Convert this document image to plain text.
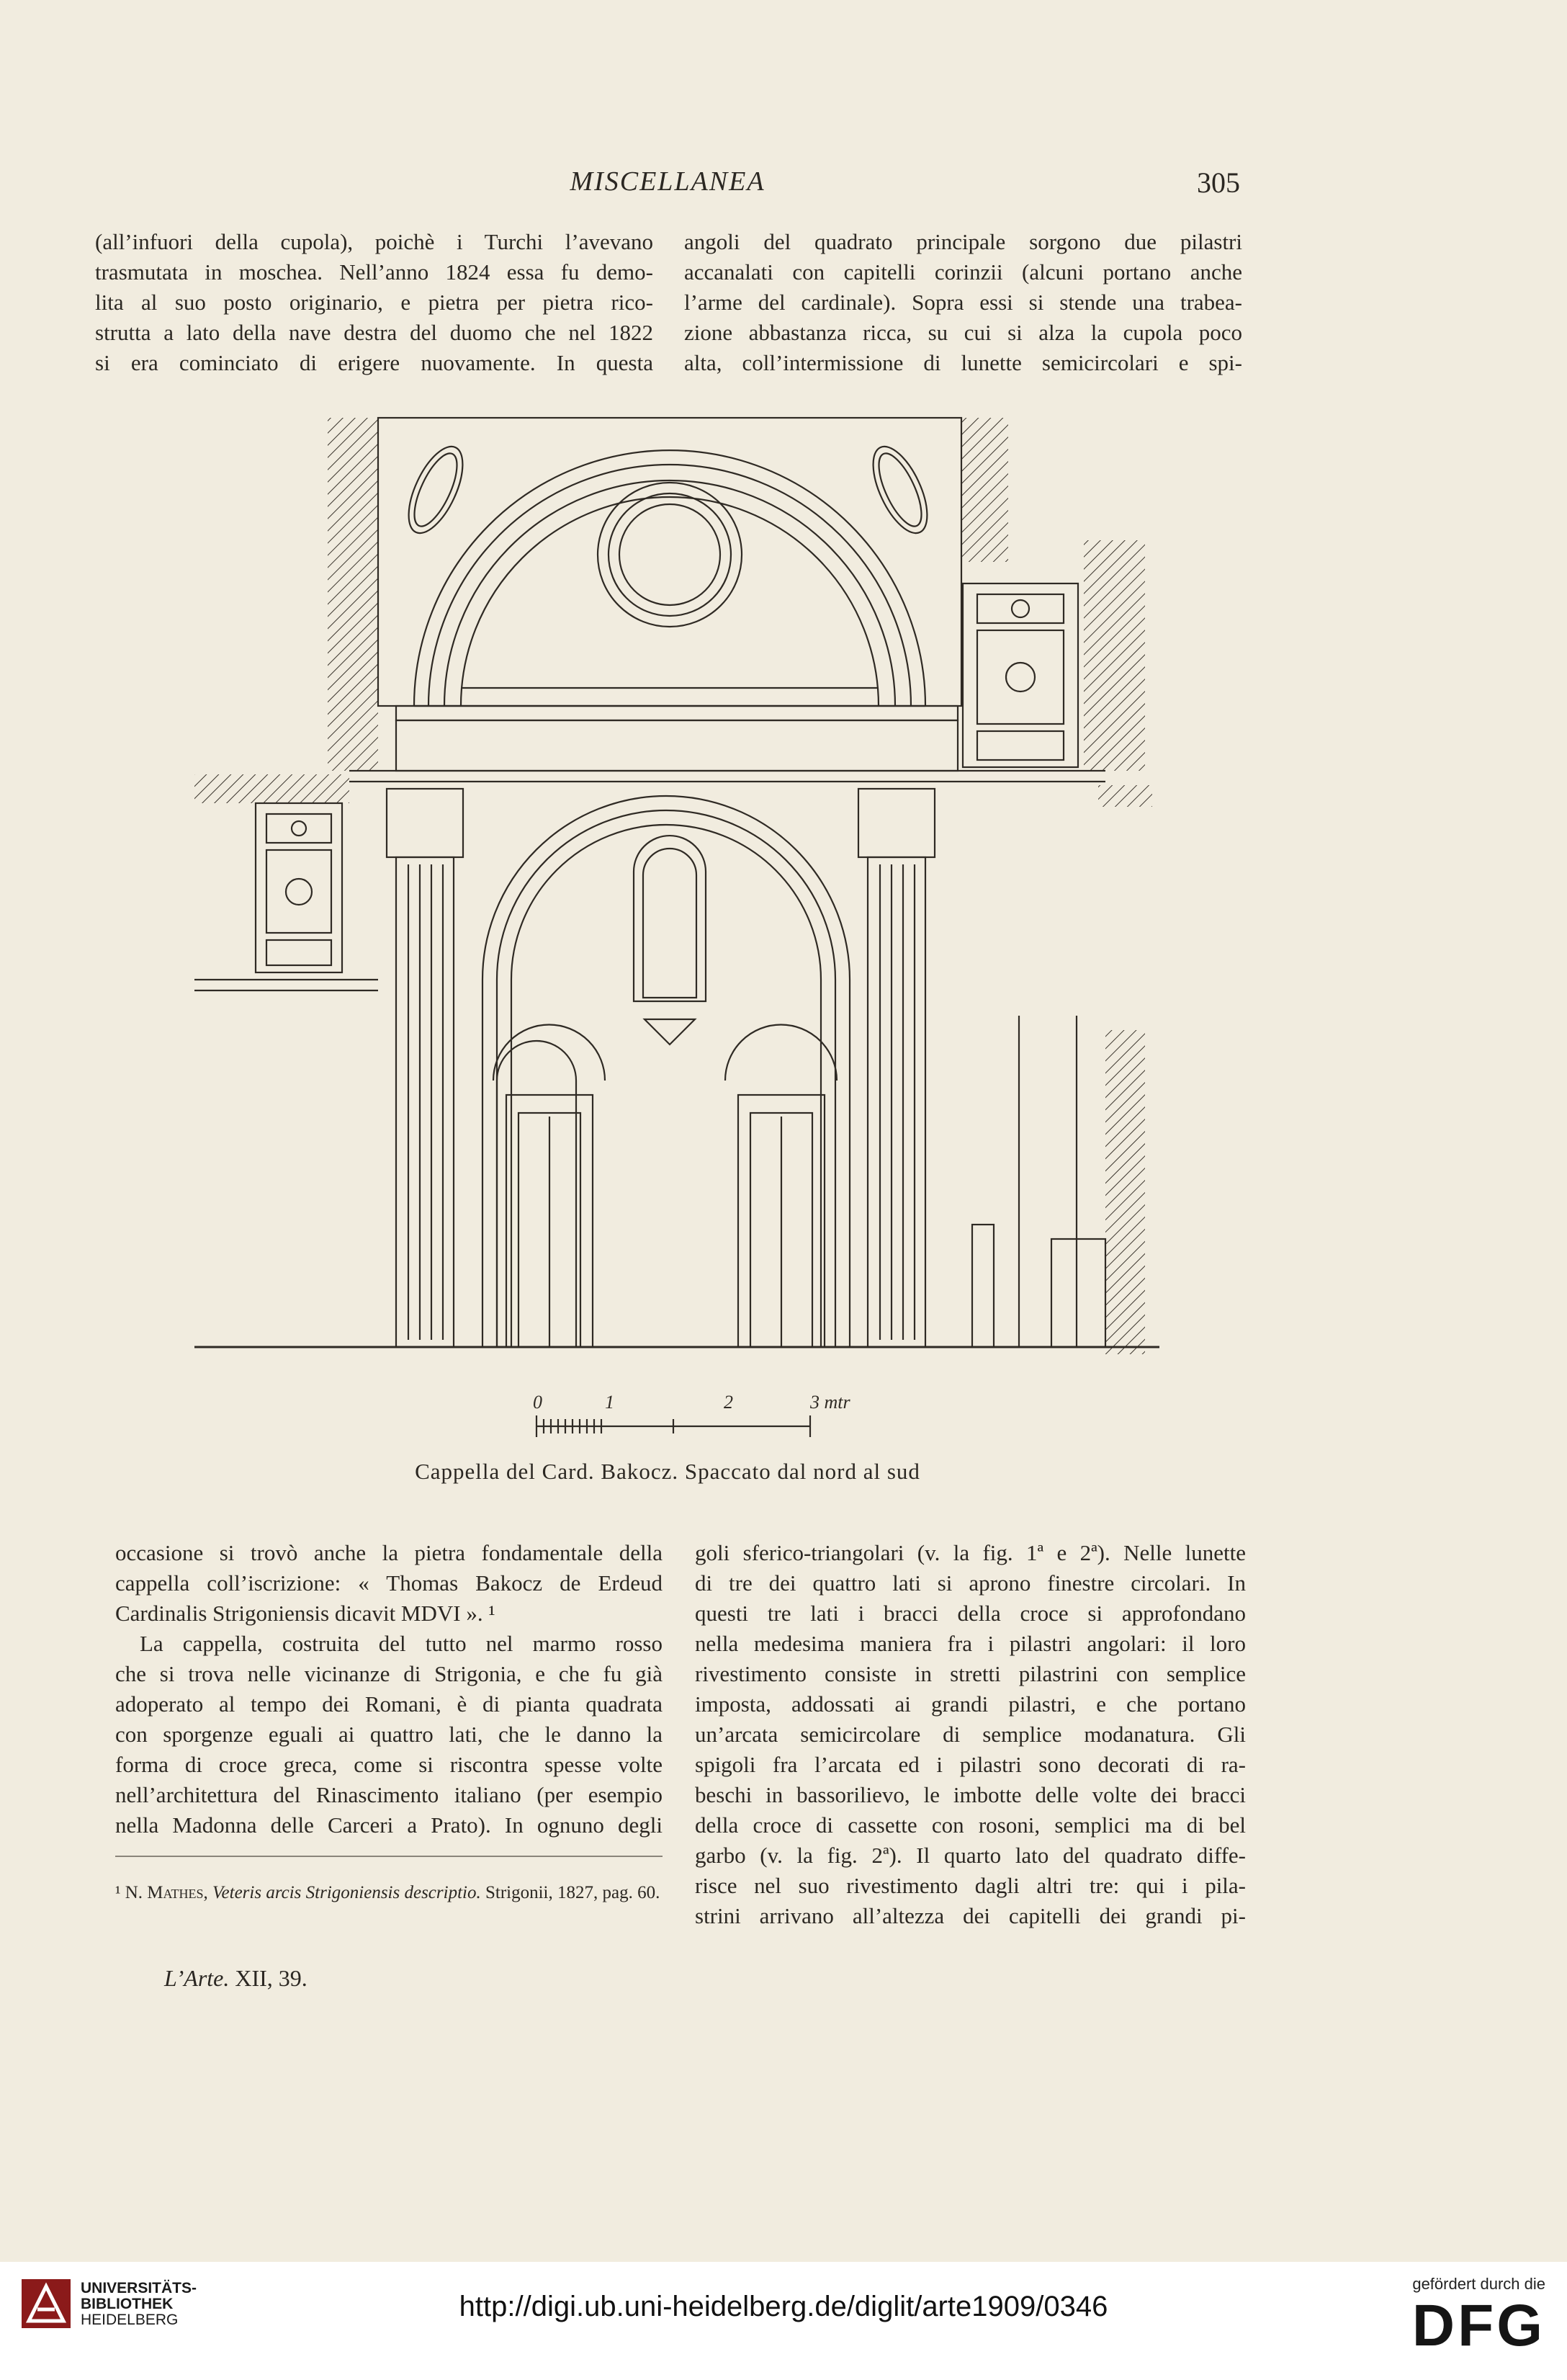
MISCELLANEA	305

(all’infuori della cupola), poichè i Turchi l’avevano

trasmutata in moschea. Nell’anno 1824 essa fu demo-

lita al suo posto originario, e pietra per pietra rico-

strutta a lato della nave destra del duomo che nel 1822

si era cominciato di erigere nuovamente. In questa

angoli del quadrato principale sorgono due pilastri

accanalati con capitelli corinzii (alcuni portano anche

l’arme del cardinale). Sopra essi si stende una trabea-

zione abbastanza ricca, su cui si alza la cupola poco

alta, coll’intermissione di lunette semicircolari e spi-

0	1	2	3 mtr
Cappella del Card. Bakocz. Spaccato dal nord al sud

occasione si trovò anche la pietra fondamentale della

cappella coll’iscrizione: « Thomas Bakocz de Erdeud

Cardinalis Strigoniensis dicavit MDVI ». ¹

La cappella, costruita del tutto nel marmo rosso

che si trova nelle vicinanze di Strigonia, e che fu già

adoperato al tempo dei Romani, è di pianta quadrata

con sporgenze eguali ai quattro lati, che le danno la

forma di croce greca, come si riscontra spesse volte

nell’architettura del Rinascimento italiano (per esempio

nella Madonna delle Carceri a Prato). In ognuno degli

goli sferico-triangolari (v. la fig. 1ª e 2ª). Nelle lunette

di tre dei quattro lati si aprono finestre circolari. In

questi tre lati i bracci della croce si approfondano

nella medesima maniera fra i pilastri angolari: il loro

rivestimento consiste in stretti pilastrini con semplice

imposta, addossati ai grandi pilastri, e che portano

un’arcata semicircolare di semplice modanatura. Gli

spigoli fra l’arcata ed i pilastri sono decorati di ra-

beschi in bassorilievo, le imbotte delle volte dei bracci

della croce di cassette con rosoni, semplici ma di bel

garbo (v. la fig. 2ª). Il quarto lato del quadrato diffe-

risce nel suo rivestimento dagli altri tre: qui i pila-

strini arrivano all’altezza dei capitelli dei grandi pi-

¹ N. Mathes, Veteris arcis Strigoniensis descriptio. Strigonii, 1827, pag. 60.
L’Arte. XII, 39.
UNIVERSITÄTS-
BIBLIOTHEK
HEIDELBERG	http://digi.ub.uni-heidelberg.de/diglit/arte1909/0346
gefördert durch die
DFG
